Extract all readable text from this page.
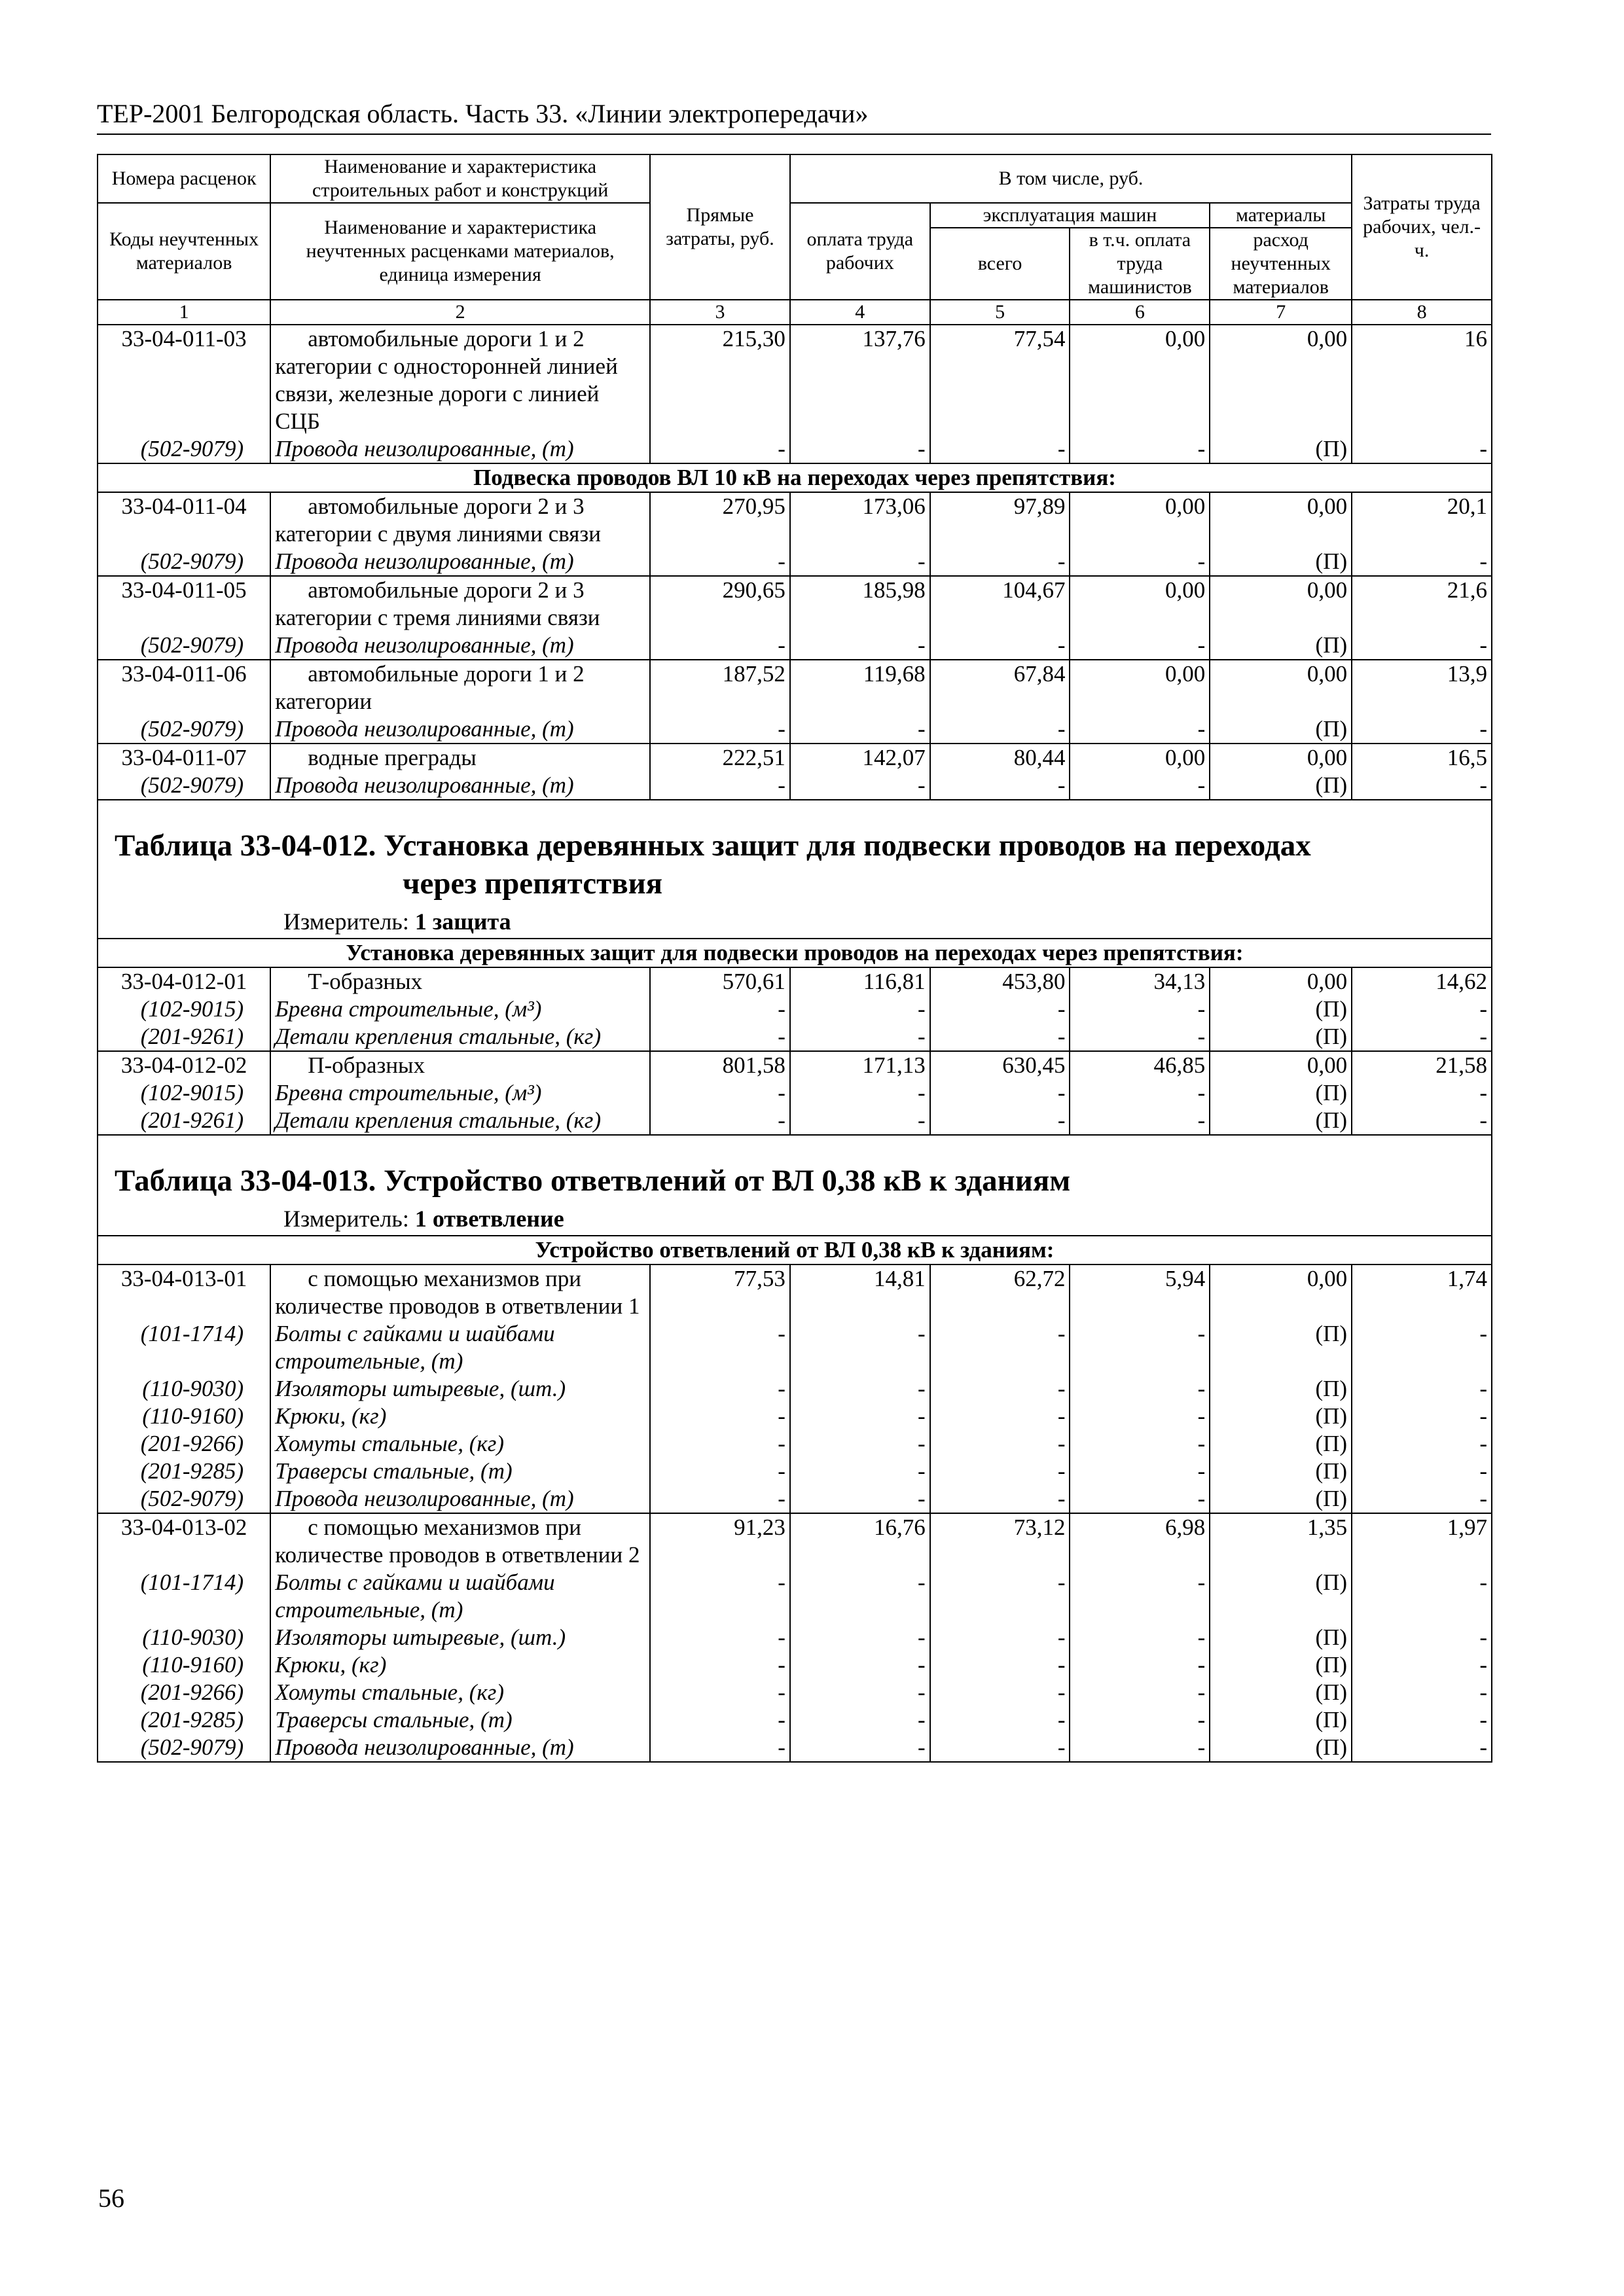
ТЕР-2001 Белгородская область. Часть 33. «Линии электропередачи»
Номера расценок	Наименование и характеристика строительных работ и конструкций	Прямые затраты, руб.	В том числе, руб.				Затраты труда рабочих, чел.-ч.
Коды неучтенных материалов	Наименование и характеристика неучтенных расценками материалов, единица измерения		оплата труда рабочих	эксплуатация машин		материалы	
				всего	в т.ч. оплата труда машинистов	расход неучтенных материалов	
1	2	3	4	5	6	7	8
33-04-011-03	автомобильные дороги 1 и 2 категории с односторонней линией связи, железные дороги с линией СЦБ	215,30	137,76	77,54	0,00	0,00	16
(502-9079)	Провода неизолированные, (т)	-	-	-	-	(П)	-
Подвеска проводов ВЛ 10 кВ на переходах через препятствия:							
33-04-011-04	автомобильные дороги 2 и 3 категории с двумя линиями связи	270,95	173,06	97,89	0,00	0,00	20,1
(502-9079)	Провода неизолированные, (т)	-	-	-	-	(П)	-
33-04-011-05	автомобильные дороги 2 и 3 категории с тремя линиями связи	290,65	185,98	104,67	0,00	0,00	21,6
(502-9079)	Провода неизолированные, (т)	-	-	-	-	(П)	-
33-04-011-06	автомобильные дороги 1 и 2 категории	187,52	119,68	67,84	0,00	0,00	13,9
(502-9079)	Провода неизолированные, (т)	-	-	-	-	(П)	-
33-04-011-07	водные преграды	222,51	142,07	80,44	0,00	0,00	16,5
(502-9079)	Провода неизолированные, (т)	-	-	-	-	(П)	-
Таблица 33-04-012. Установка деревянных защит для подвески проводов на переходах
через препятствия
Измеритель: 1 защита
Установка деревянных защит для подвески проводов на переходах через препятствия:							
33-04-012-01	Т-образных	570,61	116,81	453,80	34,13	0,00	14,62
(102-9015)	Бревна строительные, (м³)	-	-	-	-	(П)	-
(201-9261)	Детали крепления стальные, (кг)	-	-	-	-	(П)	-
33-04-012-02	П-образных	801,58	171,13	630,45	46,85	0,00	21,58
(102-9015)	Бревна строительные, (м³)	-	-	-	-	(П)	-
(201-9261)	Детали крепления стальные, (кг)	-	-	-	-	(П)	-
Таблица 33-04-013. Устройство ответвлений от ВЛ 0,38 кВ к зданиям
Измеритель: 1 ответвление
Устройство ответвлений от ВЛ 0,38 кВ к зданиям:							
33-04-013-01	с помощью механизмов при количестве проводов в ответвлении 1	77,53	14,81	62,72	5,94	0,00	1,74
(101-1714)	Болты с гайками и шайбами строительные, (т)	-	-	-	-	(П)	-
(110-9030)	Изоляторы штыревые, (шт.)	-	-	-	-	(П)	-
(110-9160)	Крюки, (кг)	-	-	-	-	(П)	-
(201-9266)	Хомуты стальные, (кг)	-	-	-	-	(П)	-
(201-9285)	Траверсы стальные, (т)	-	-	-	-	(П)	-
(502-9079)	Провода неизолированные, (т)	-	-	-	-	(П)	-
33-04-013-02	с помощью механизмов при количестве проводов в ответвлении 2	91,23	16,76	73,12	6,98	1,35	1,97
(101-1714)	Болты с гайками и шайбами строительные, (т)	-	-	-	-	(П)	-
(110-9030)	Изоляторы штыревые, (шт.)	-	-	-	-	(П)	-
(110-9160)	Крюки, (кг)	-	-	-	-	(П)	-
(201-9266)	Хомуты стальные, (кг)	-	-	-	-	(П)	-
(201-9285)	Траверсы стальные, (т)	-	-	-	-	(П)	-
(502-9079)	Провода неизолированные, (т)	-	-	-	-	(П)	-
56
